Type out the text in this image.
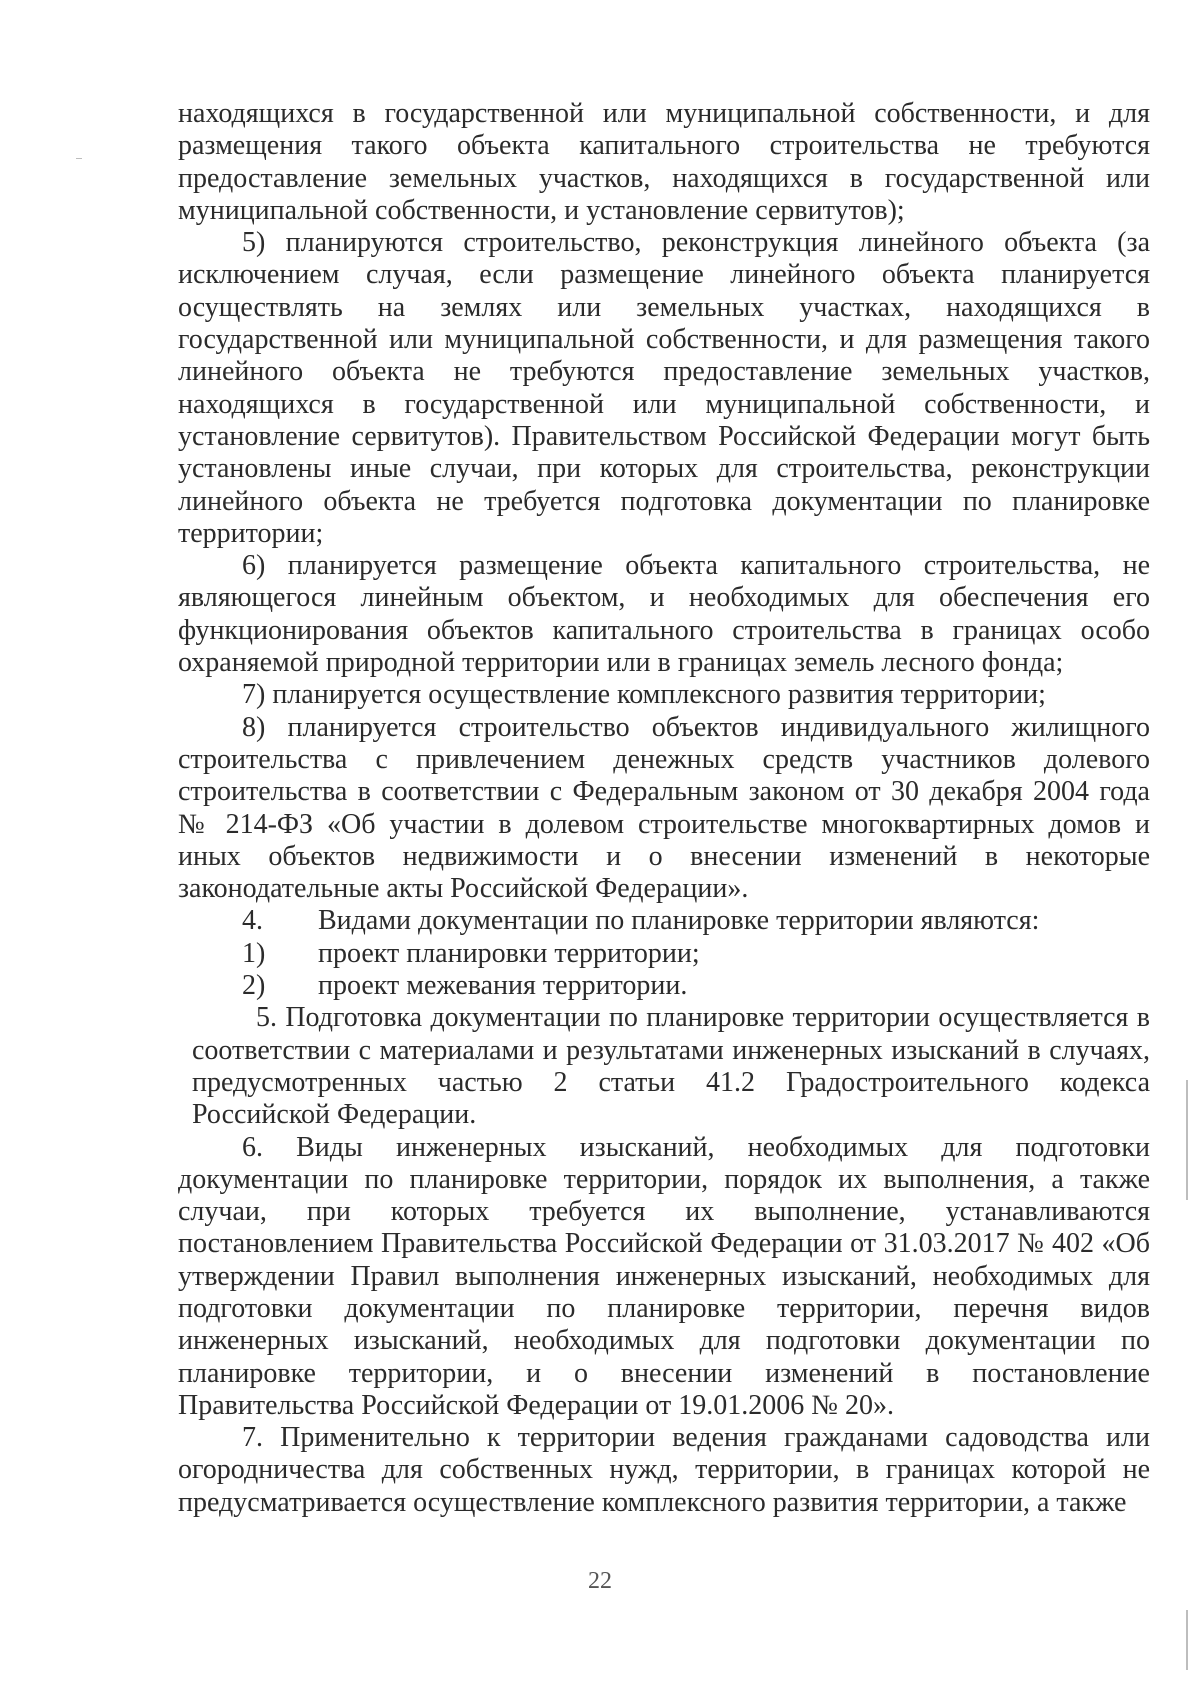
находящихся в государственной или муниципальной собственности, и для размещения такого объекта капитального строительства не требуются предоставление земельных участков, находящихся в государственной или муниципальной собственности, и установление сервитутов);

5) планируются строительство, реконструкция линейного объекта (за исключением случая, если размещение линейного объекта планируется осуществлять на землях или земельных участках, находящихся в государственной или муниципальной собственности, и для размещения такого линейного объекта не требуются предоставление земельных участков, находящихся в государственной или муниципальной собственности, и установление сервитутов). Правительством Российской Федерации могут быть установлены иные случаи, при которых для строительства, реконструкции линейного объекта не требуется подготовка документации по планировке территории;

6) планируется размещение объекта капитального строительства, не являющегося линейным объектом, и необходимых для обеспечения его функционирования объектов капитального строительства в границах особо охраняемой природной территории или в границах земель лесного фонда;

7) планируется осуществление комплексного развития территории;

8) планируется строительство объектов индивидуального жилищного строительства с привлечением денежных средств участников долевого строительства в соответствии с Федеральным законом от 30 декабря 2004 года № 214-ФЗ «Об участии в долевом строительстве многоквартирных домов и иных объектов недвижимости и о внесении изменений в некоторые законодательные акты Российской Федерации».

4.	Видами документации по планировке территории являются:
1)	проект планировки территории;
2)	проект межевания территории.

5. Подготовка документации по планировке территории осуществляется в соответствии с материалами и результатами инженерных изысканий в случаях, предусмотренных частью 2 статьи 41.2 Градостроительного кодекса Российской Федерации.

6. Виды инженерных изысканий, необходимых для подготовки документации по планировке территории, порядок их выполнения, а также случаи, при которых требуется их выполнение, устанавливаются постановлением Правительства Российской Федерации от 31.03.2017 № 402 «Об утверждении Правил выполнения инженерных изысканий, необходимых для подготовки документации по планировке территории, перечня видов инженерных изысканий, необходимых для подготовки документации по планировке территории, и о внесении изменений в постановление Правительства Российской Федерации от 19.01.2006 № 20».

7. Применительно к территории ведения гражданами садоводства или огородничества для собственных нужд, территории, в границах которой не предусматривается осуществление комплексного развития территории, а также

22
